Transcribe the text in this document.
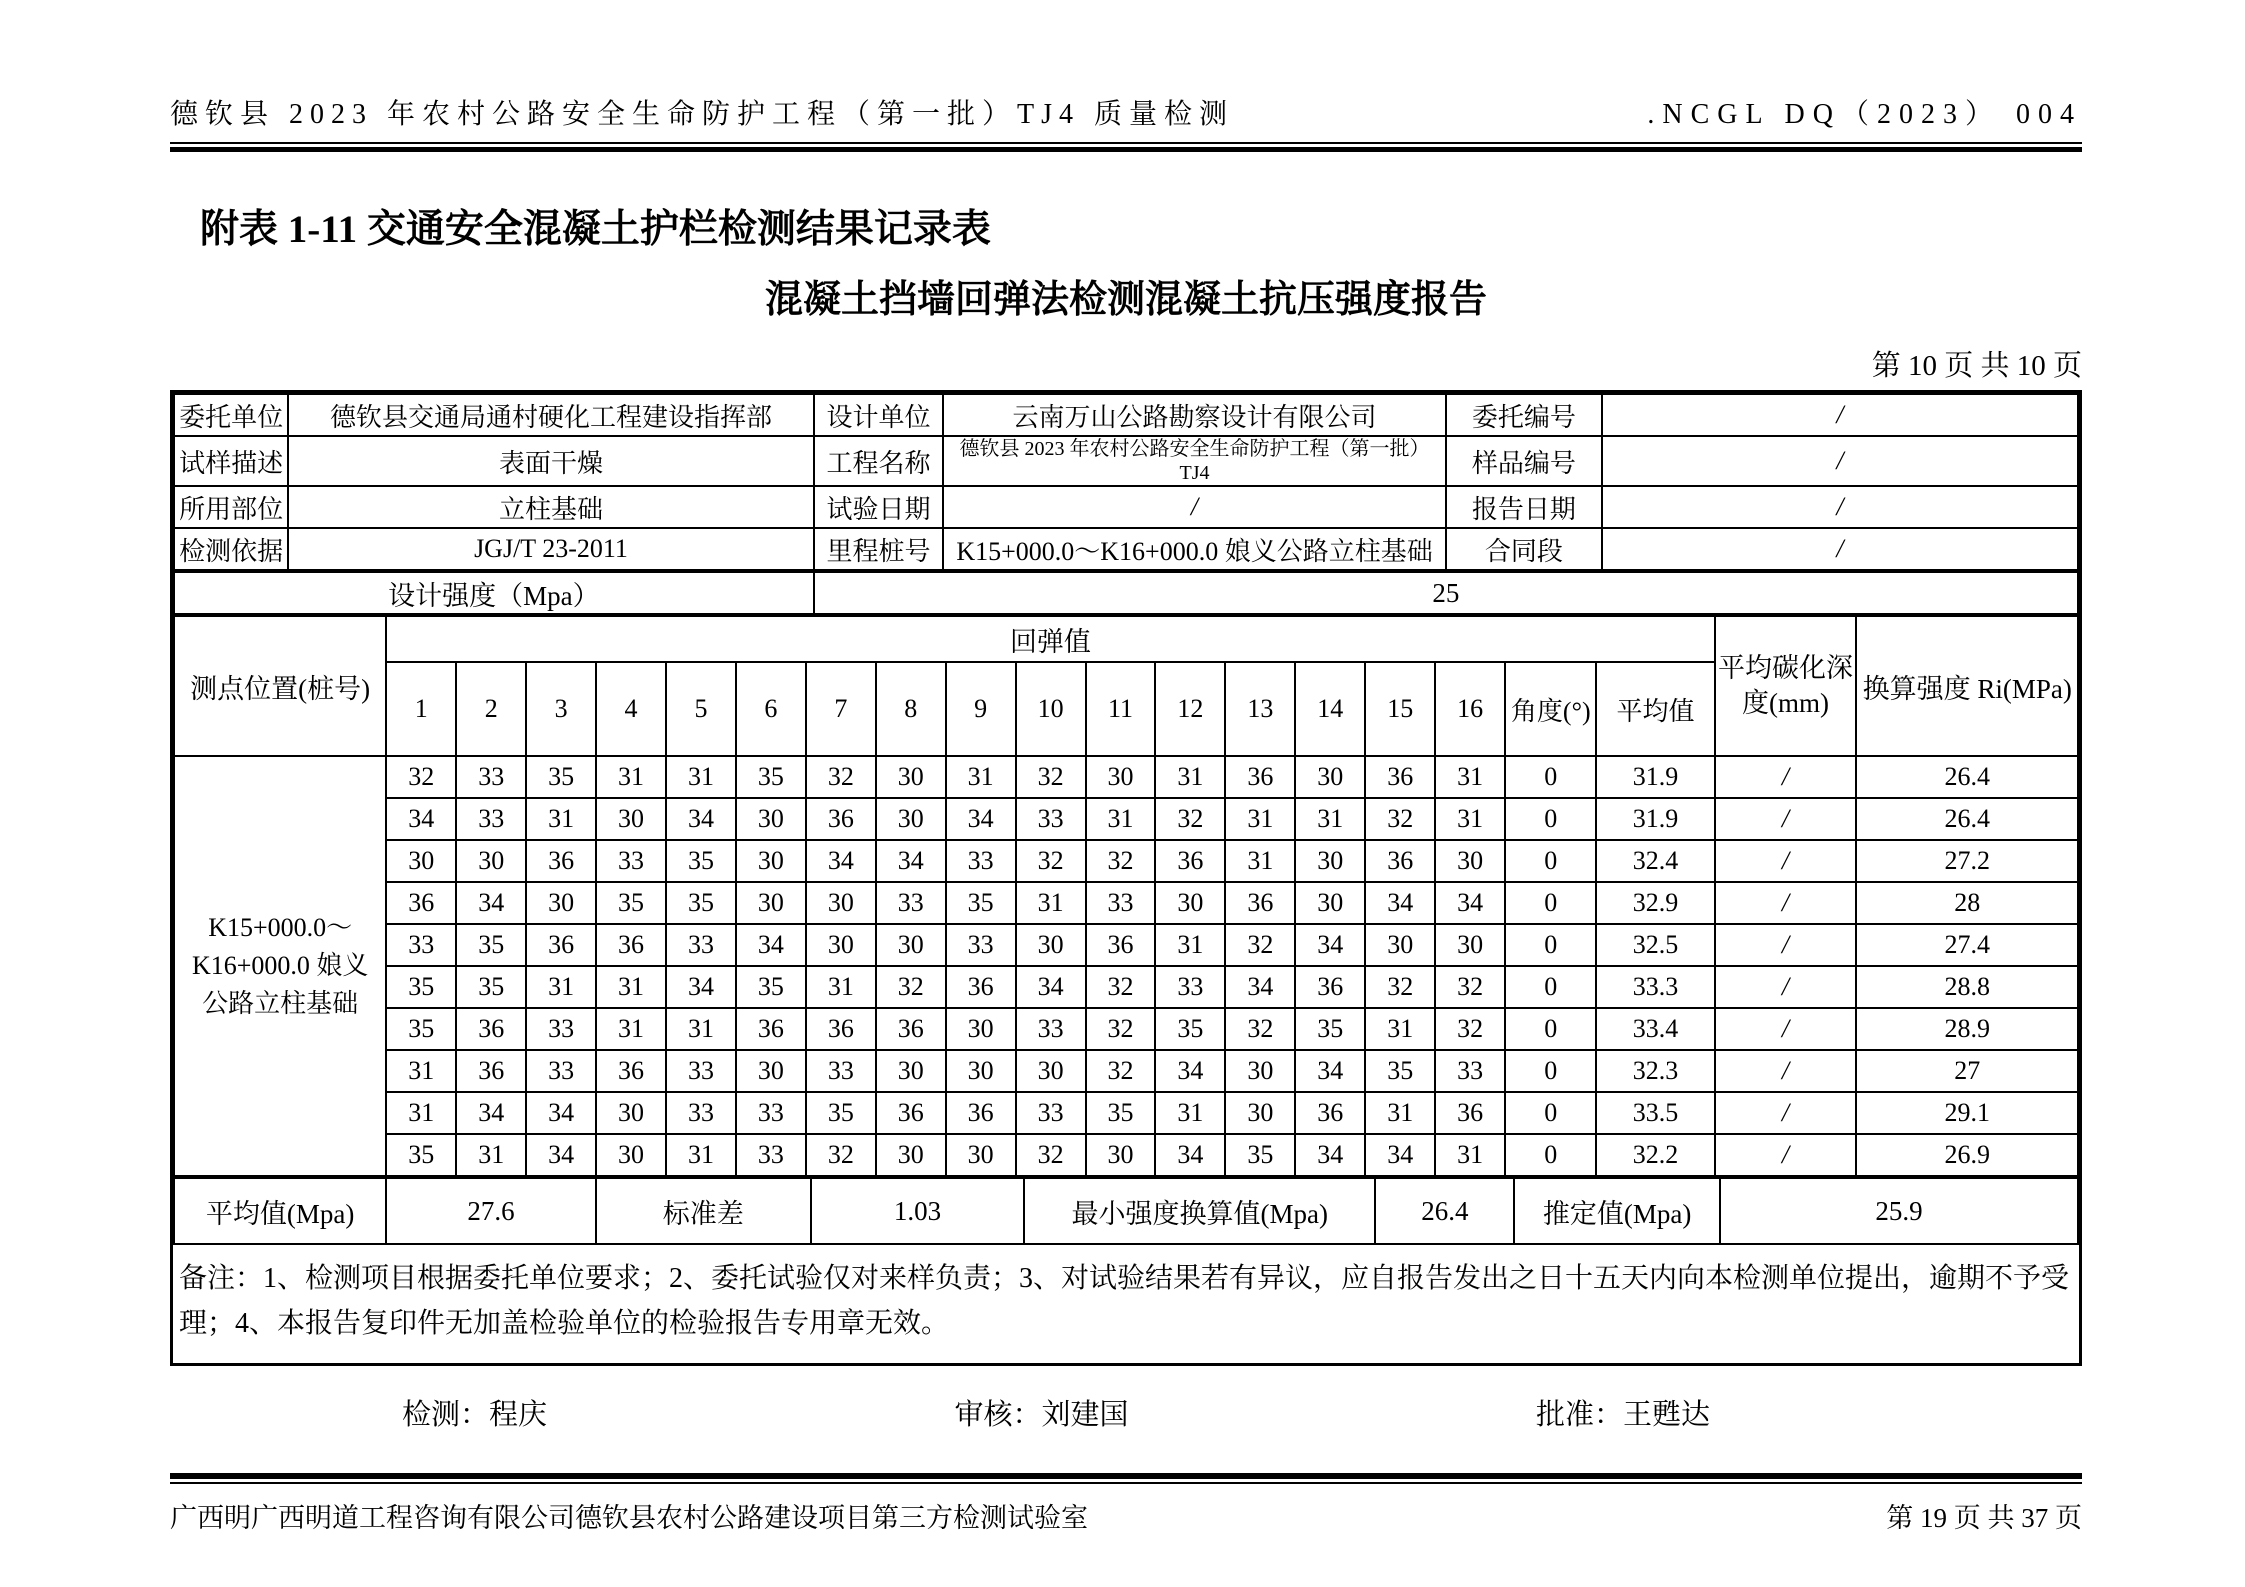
德钦县 2023 年农村公路安全生命防护工程（第一批）TJ4 质量检测	.NCGL DQ（2023） 004
附表 1-11 交通安全混凝土护栏检测结果记录表
混凝土挡墙回弹法检测混凝土抗压强度报告
第 10 页 共 10 页
委托单位	德钦县交通局通村硬化工程建设指挥部	设计单位	云南万山公路勘察设计有限公司	委托编号	/
试样描述	表面干燥	工程名称	德钦县 2023 年农村公路安全生命防护工程（第一批）TJ4	样品编号	/
所用部位	立柱基础	试验日期	/	报告日期	/
检测依据	JGJ/T 23-2011	里程桩号	K15+000.0～K16+000.0 娘义公路立柱基础	合同段	/
设计强度（Mpa）	25
测点位置(桩号)	回弹值																		平均碳化深度(mm)	换算强度 Ri(MPa)
	1	2	3	4	5	6	7	8	9	10	11	12	13	14	15	16	角度(°)	平均值		
K15+000.0～K16+000.0 娘义公路立柱基础	32	33	35	31	31	35	32	30	31	32	30	31	36	30	36	31	0	31.9	/	26.4
	34	33	31	30	34	30	36	30	34	33	31	32	31	31	32	31	0	31.9	/	26.4
	30	30	36	33	35	30	34	34	33	32	32	36	31	30	36	30	0	32.4	/	27.2
	36	34	30	35	35	30	30	33	35	31	33	30	36	30	34	34	0	32.9	/	28
	33	35	36	36	33	34	30	30	33	30	36	31	32	34	30	30	0	32.5	/	27.4
	35	35	31	31	34	35	31	32	36	34	32	33	34	36	32	32	0	33.3	/	28.8
	35	36	33	31	31	36	36	36	30	33	32	35	32	35	31	32	0	33.4	/	28.9
	31	36	33	36	33	30	33	30	30	30	32	34	30	34	35	33	0	32.3	/	27
	31	34	34	30	33	33	35	36	36	33	35	31	30	36	31	36	0	33.5	/	29.1
	35	31	34	30	31	33	32	30	30	32	30	34	35	34	34	31	0	32.2	/	26.9
平均值(Mpa)	27.6	标准差	1.03	最小强度换算值(Mpa)	26.4	推定值(Mpa)	25.9
备注：1、检测项目根据委托单位要求；2、委托试验仅对来样负责；3、对试验结果若有异议，应自报告发出之日十五天内向本检测单位提出，逾期不予受理；4、本报告复印件无加盖检验单位的检验报告专用章无效。
检测：程庆	审核：刘建国	批准：王甦达
广西明广西明道工程咨询有限公司德钦县农村公路建设项目第三方检测试验室	第 19 页 共 37 页
